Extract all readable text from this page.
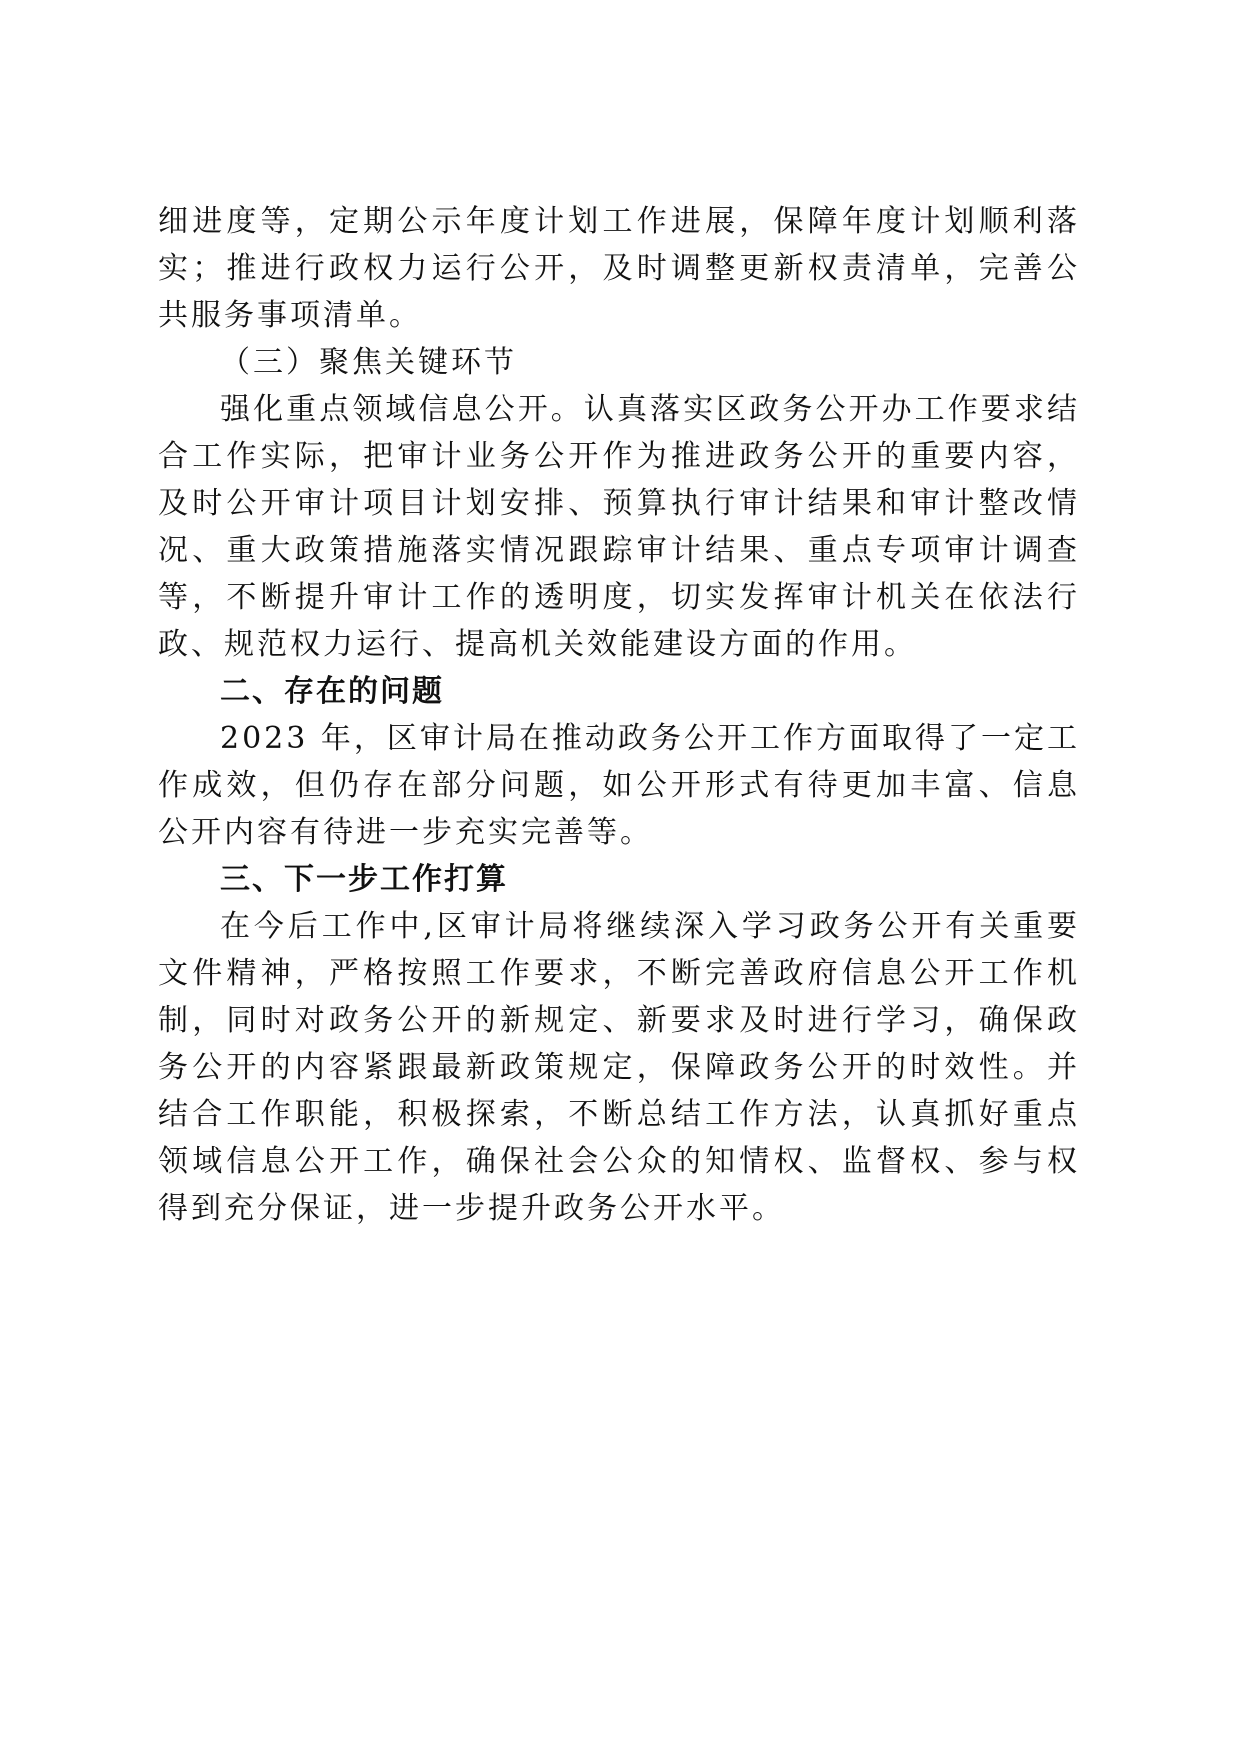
细进度等，定期公示年度计划工作进展，保障年度计划顺利落实；推进行政权力运行公开，及时调整更新权责清单，完善公共服务事项清单。

（三）聚焦关键环节

强化重点领域信息公开。认真落实区政务公开办工作要求结合工作实际，把审计业务公开作为推进政务公开的重要内容，及时公开审计项目计划安排、预算执行审计结果和审计整改情况、重大政策措施落实情况跟踪审计结果、重点专项审计调查等，不断提升审计工作的透明度，切实发挥审计机关在依法行政、规范权力运行、提高机关效能建设方面的作用。

二、存在的问题

2023 年，区审计局在推动政务公开工作方面取得了一定工作成效，但仍存在部分问题，如公开形式有待更加丰富、信息公开内容有待进一步充实完善等。

三、下一步工作打算

在今后工作中,区审计局将继续深入学习政务公开有关重要文件精神，严格按照工作要求，不断完善政府信息公开工作机制，同时对政务公开的新规定、新要求及时进行学习，确保政务公开的内容紧跟最新政策规定，保障政务公开的时效性。并结合工作职能，积极探索，不断总结工作方法，认真抓好重点领域信息公开工作，确保社会公众的知情权、监督权、参与权得到充分保证，进一步提升政务公开水平。
